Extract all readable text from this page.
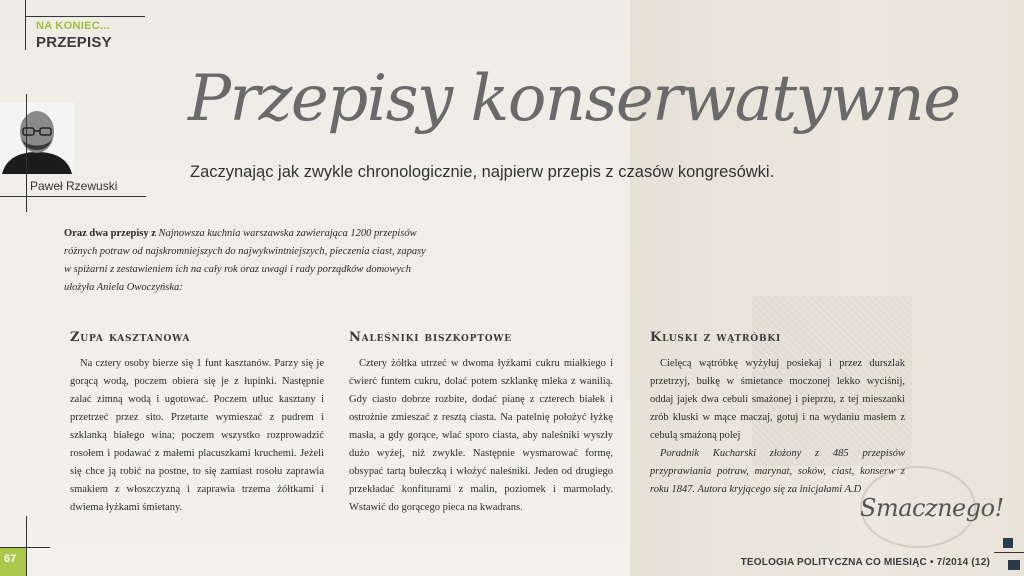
NA KONIEC...
PRZEPISY
Paweł Rzewuski
Przepisy konserwatywne
Zaczynając jak zwykle chronologicznie, najpierw przepis z czasów kongresówki.
Oraz dwa przepisy z Najnowsza kuchnia warszawska zawierająca 1200 przepisów różnych potraw od najskromniejszych do najwykwintniejszych, pieczenia ciast, zapasy w spiżarni z zestawieniem ich na cały rok oraz uwagi i rady porządków domowych ułożyła Aniela Owoczyńska:
Zupa kasztanowa

Na cztery osoby bierze się 1 funt kasztanów. Parzy się je gorącą wodą, poczem obiera się je z łupinki. Następnie zalać zimną wodą i ugotować. Poczem utłuc kasztany i przetrzeć przez sito. Przetarte wymieszać z pudrem i szklanką białego wina; poczem wszystko rozprowadzić rosołem i podawać z małemi placuszkami kruchemi. Jeżeli się chce ją robić na postne, to się zamiast rosołu zaprawia smakiem z włoszczyzną i zaprawia trzema żółtkami i dwiema łyżkami śmietany.

Naleśniki biszkoptowe

Cztery żółtka utrzeć w dwoma łyżkami cukru miałkiego i ćwierć funtem cukru, dolać potem szklankę mleka z wanilią. Gdy ciasto dobrze rozbite, dodać pianę z czterech białek i ostrożnie zmieszać z resztą ciasta. Na patelnię położyć łyżkę masła, a gdy gorące, wlać sporo ciasta, aby naleśniki wyszły dużo wyżej, niż zwykle. Następnie wysmarować formę, obsypać tartą bułeczką i włożyć naleśniki. Jeden od drugiego przekładać konfiturami z malin, poziomek i marmolady. Wstawić do gorącego pieca na kwadrans.

Kluski z wątróbki

Cielęcą wątróbkę wyżyłuj posiekaj i przez durszlak przetrzyj, bułkę w śmietance moczonej lekko wyciśnij, oddaj jajek dwa cebuli smażonej i pieprzu, z tej mieszanki zrób kluski w mące maczaj, gotuj i na wydaniu masłem z cebulą smażoną polej

Poradnik Kucharski złożony z 485 przepisów przyprawiania potraw, marynat, soków, ciast, konserw z roku 1847. Autora kryjącego się za inicjałami A.D

Smacznego!
67	TEOLOGIA POLITYCZNA CO MIESIĄC • 7/2014 (12)
